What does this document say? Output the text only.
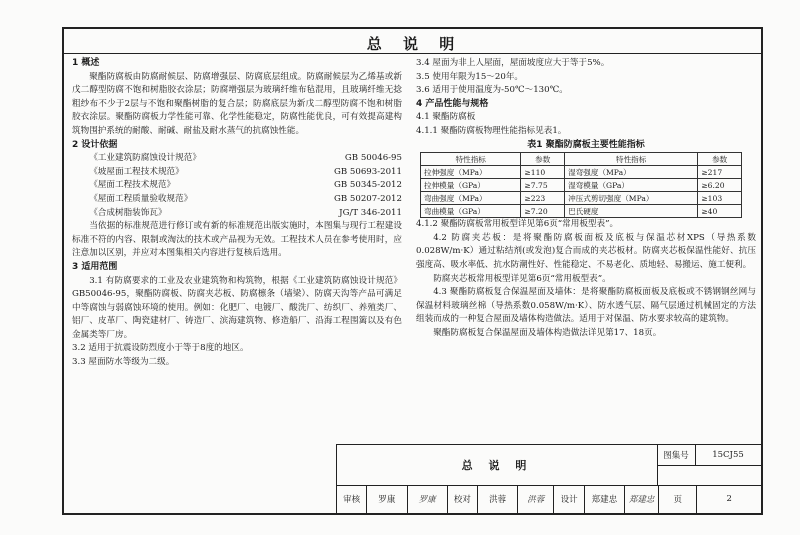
总 说 明
1 概述
聚酯防腐板由防腐耐候层、防腐增强层、防腐底层组成。防腐耐候层为乙烯基或新戊二醇型防腐不饱和树脂胶衣涂层；防腐增强层为玻璃纤维布毡混用，且玻璃纤维无捻粗纱布不少于2层与不饱和聚酯树脂的复合层；防腐底层为新戊二醇型防腐不饱和树脂胶衣涂层。聚酯防腐板力学性能可靠、化学性能稳定，防腐性能优良，可有效提高建构筑物围护系统的耐酸、耐碱、耐盐及耐水蒸气的抗腐蚀性能。
2 设计依据
《工业建筑防腐蚀设计规范》	GB 50046-95
《坡屋面工程技术规范》	GB 50693-2011
《屋面工程技术规范》	GB 50345-2012
《屋面工程质量验收规范》	GB 50207-2012
《合成树脂装饰瓦》	JG/T 346-2011
当依据的标准规范进行修订或有新的标准规范出版实施时，本图集与现行工程建设标准不符的内容、限制或淘汰的技术或产品视为无效。工程技术人员在参考使用时，应注意加以区别，并应对本图集相关内容进行复核后选用。
3 适用范围
3.1 有防腐要求的工业及农业建筑物和构筑物，根据《工业建筑防腐蚀设计规范》GB50046-95，聚酯防腐板、防腐夹芯板、防腐檩条（墙梁）、防腐天沟等产品可满足中等腐蚀与弱腐蚀环境的使用。例如：化肥厂、电镀厂、酸洗厂、纺织厂、养殖类厂、铝厂、皮革厂、陶瓷建材厂、铸造厂、滨海建筑物、修造船厂、沿海工程围篱以及有色金属类等厂房。
3.2 适用于抗震设防烈度小于等于8度的地区。
3.3 屋面防水等级为二级。
3.4 屋面为非上人屋面，屋面坡度应大于等于5%。
3.5 使用年限为15～20年。
3.6 适用于使用温度为-50℃～130℃。
4 产品性能与规格
4.1 聚酯防腐板
4.1.1 聚酯防腐板物理性能指标见表1。
表1 聚酯防腐板主要性能指标
特性指标	参数	特性指标	参数
拉伸强度（MPa）	≥110	湿弯强度（MPa）	≥217
拉伸模量（GPa）	≥7.75	湿弯模量（GPa）	≥6.20
弯曲强度（MPa）	≥223	冲压式剪切强度（MPa）	≥103
弯曲模量（GPa）	≥7.20	巴氏硬度	≥40
4.1.2 聚酯防腐板常用板型详见第6页“常用板型表”。
4.2 防腐夹芯板：是将聚酯防腐板面板及底板与保温芯材XPS（导热系数0.028W/m·K）通过粘结剂(或发泡)复合而成的夹芯板材。防腐夹芯板保温性能好、抗压强度高、吸水率低、抗水防潮性好、性能稳定、不易老化、质地轻、易搬运、施工便利。
防腐夹芯板常用板型详见第6页“常用板型表”。
4.3 聚酯防腐板复合保温屋面及墙体：是将聚酯防腐板面板及底板或不锈钢钢丝网与保温材料玻璃丝棉（导热系数0.058W/m·K）、防水透气层、隔气层通过机械固定的方法组装而成的一种复合屋面及墙体构造做法。适用于对保温、防水要求较高的建筑物。
聚酯防腐板复合保温屋面及墙体构造做法详见第17、18页。
总 说 明
图集号	15CJ55
审核	罗康	罗康	校对	洪蓉	洪蓉	设计	郑建忠	郑建忠	页	2
